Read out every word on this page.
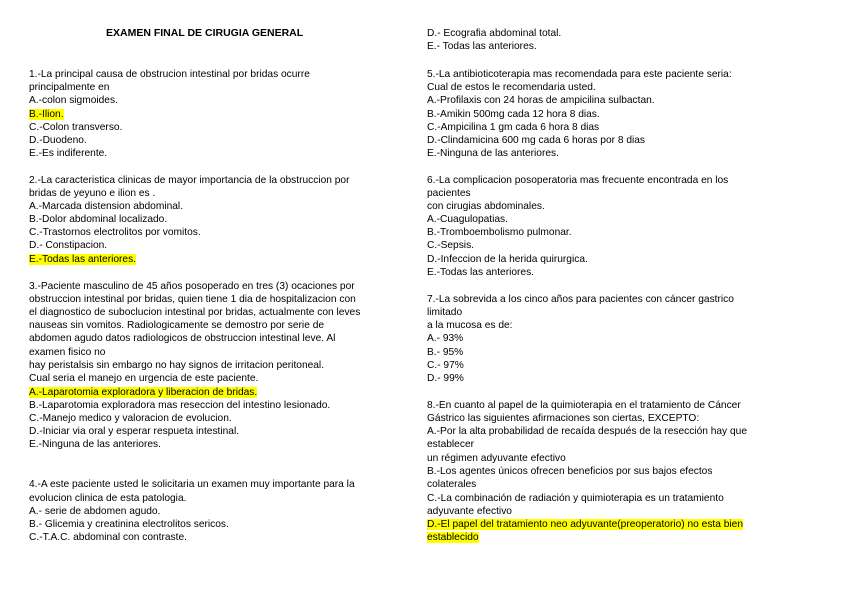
EXAMEN FINAL DE CIRUGIA GENERAL
1.-La principal causa de obstrucion intestinal por bridas ocurre
principalmente en
A.-colon sigmoides.
B.-Ilion.
C.-Colon transverso.
D.-Duodeno.
E.-Es indiferente.
2.-La caracteristica clinicas de mayor importancia de la obstruccion por
bridas de yeyuno e ilion es .
A.-Marcada distension abdominal.
B.-Dolor abdominal localizado.
C.-Trastornos electrolitos por vomitos.
D.- Constipacion.
E.-Todas las anteriores.
3.-Paciente masculino de 45 años posoperado en tres (3) ocaciones por
obstruccion intestinal por bridas, quien tiene 1 dia de hospitalizacion con
el diagnostico de suboclucion intestinal por bridas, actualmente con leves
nauseas sin vomitos. Radiologicamente se demostro por serie de
abdomen agudo datos radiologicos de obstruccion intestinal leve. Al
examen fisico no
hay peristalsis sin embargo no hay signos de irritacion peritoneal.
Cual seria el manejo en urgencia de este paciente.
A.-Laparotomia exploradora y liberacion de bridas.
B.-Laparotomia exploradora mas reseccion del intestino lesionado.
C.-Manejo medico y valoracion de evolucion.
D.-Iniciar via oral y esperar respueta intestinal.
E.-Ninguna de las anteriores.
4.-A este paciente usted le solicitaria un examen muy importante para la
evolucion clinica de esta patologia.
A.- serie de abdomen agudo.
B.- Glicemia y creatinina electrolitos sericos.
C.-T.A.C. abdominal con contraste.
D.- Ecografia abdominal total.
E.- Todas las anteriores.
5.-La antibioticoterapia mas recomendada para este paciente seria:
Cual de estos le recomendaria usted.
A.-Profilaxis con 24 horas de ampicilina sulbactan.
B.-Amikin 500mg cada 12 hora 8 dias.
C.-Ampicilina 1 gm cada 6 hora 8 dias
D.-Clindamicina 600 mg cada 6 horas por 8 dias
E.-Ninguna de las anteriores.
6.-La complicacion posoperatoria mas frecuente encontrada en los
pacientes
con cirugias abdominales.
A.-Cuagulopatias.
B.-Tromboembolismo pulmonar.
C.-Sepsis.
D.-Infeccion de la herida quirurgica.
E.-Todas las anteriores.
7.-La sobrevida a los cinco años para pacientes con cáncer gastrico
limitado
a la mucosa es de:
A.- 93%
B.- 95%
C.- 97%
D.- 99%
8.-En cuanto al papel de la quimioterapia en el tratamiento de Cáncer
Gástrico las siguientes afirmaciones son ciertas, EXCEPTO:
A.-Por la alta probabilidad de recaída después de la resección hay que
establecer
un régimen adyuvante efectivo
B.-Los agentes únicos ofrecen beneficios por sus bajos efectos
colaterales
C.-La combinación de radiación y quimioterapia es un tratamiento
adyuvante efectivo
D.-El papel del tratamiento neo adyuvante(preoperatorio) no esta bien
establecido
